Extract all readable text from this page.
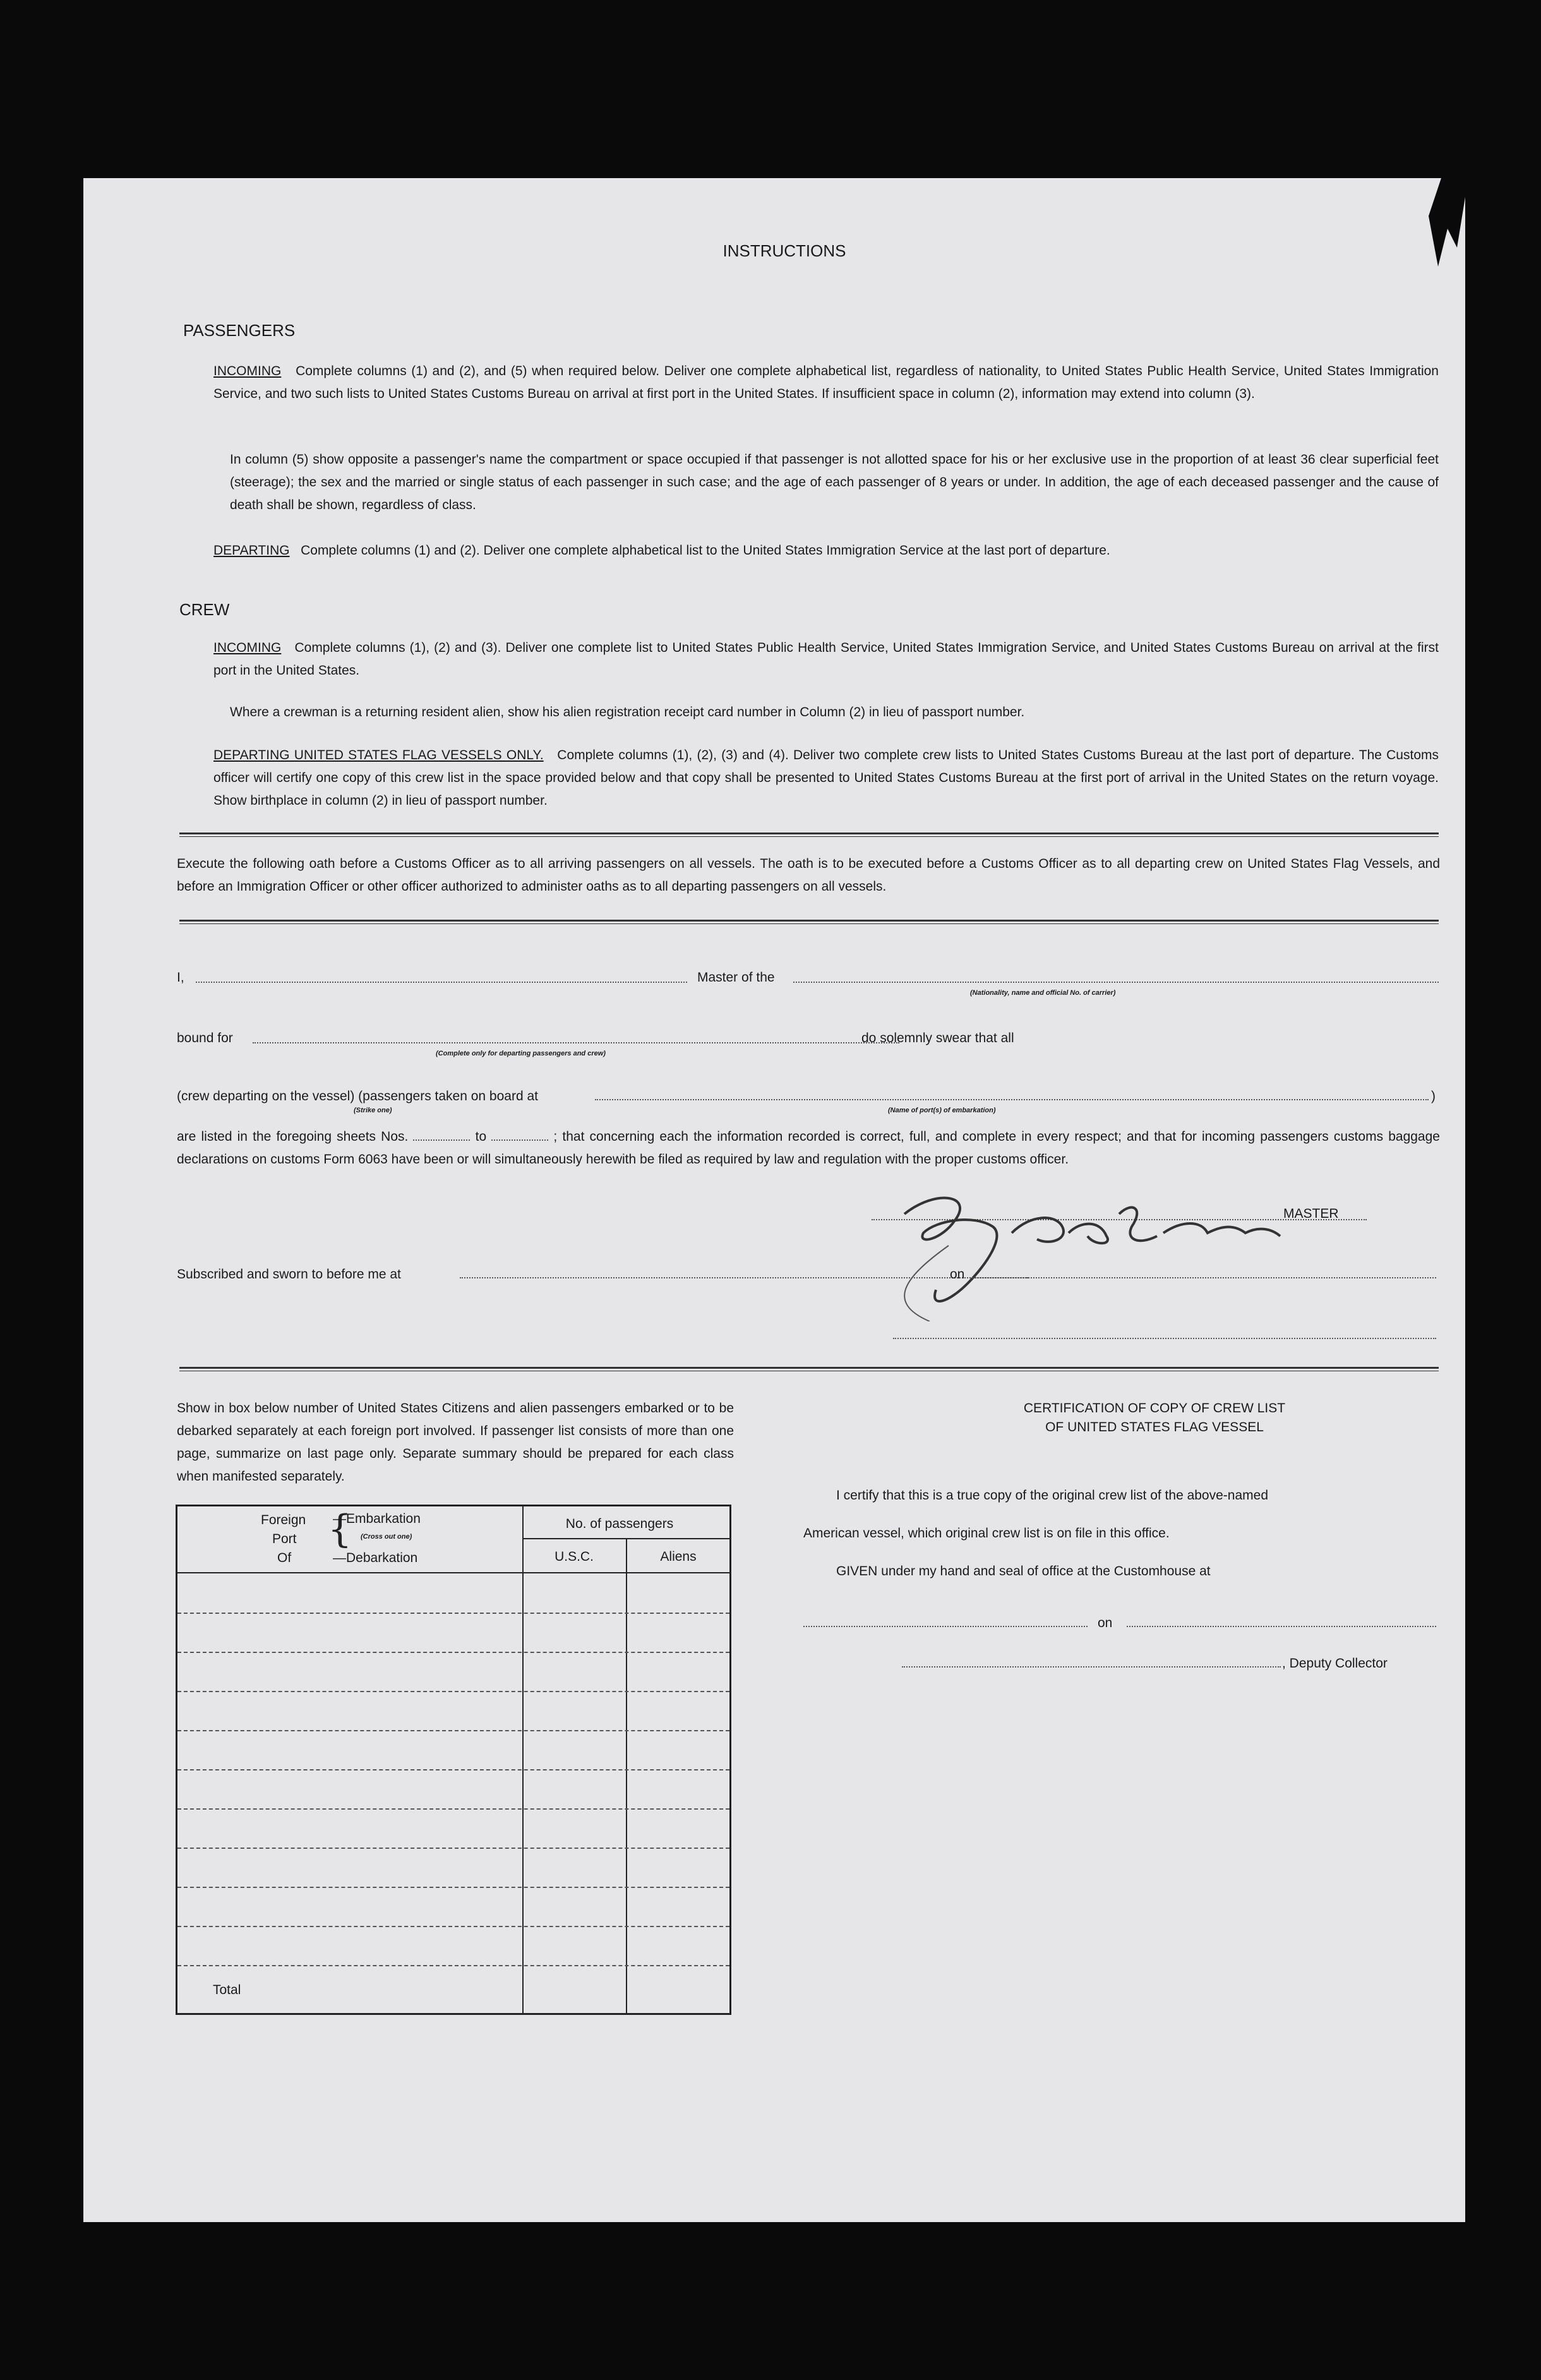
INSTRUCTIONS
PASSENGERS
INCOMING Complete columns (1) and (2), and (5) when required below. Deliver one complete alphabetical list, regardless of nationality, to United States Public Health Service, United States Immigration Service, and two such lists to United States Customs Bureau on arrival at first port in the United States. If insufficient space in column (2), information may extend into column (3).
In column (5) show opposite a passenger's name the compartment or space occupied if that passenger is not allotted space for his or her exclusive use in the proportion of at least 36 clear superficial feet (steerage); the sex and the married or single status of each passenger in such case; and the age of each passenger of 8 years or under. In addition, the age of each deceased passenger and the cause of death shall be shown, regardless of class.
DEPARTING Complete columns (1) and (2). Deliver one complete alphabetical list to the United States Immigration Service at the last port of departure.
CREW
INCOMING Complete columns (1), (2) and (3). Deliver one complete list to United States Public Health Service, United States Immigration Service, and United States Customs Bureau on arrival at the first port in the United States.
Where a crewman is a returning resident alien, show his alien registration receipt card number in Column (2) in lieu of passport number.
DEPARTING UNITED STATES FLAG VESSELS ONLY. Complete columns (1), (2), (3) and (4). Deliver two complete crew lists to United States Customs Bureau at the last port of departure. The Customs officer will certify one copy of this crew list in the space provided below and that copy shall be presented to United States Customs Bureau at the first port of arrival in the United States on the return voyage. Show birthplace in column (2) in lieu of passport number.
Execute the following oath before a Customs Officer as to all arriving passengers on all vessels. The oath is to be executed before a Customs Officer as to all departing crew on United States Flag Vessels, and before an Immigration Officer or other officer authorized to administer oaths as to all departing passengers on all vessels.
I,	Master of the
(Nationality, name and official No. of carrier)
bound for
(Complete only for departing passengers and crew)
do solemnly swear that all
(crew departing on the vessel) (passengers taken on board at	)
(Strike one)	(Name of port(s) of embarkation)
are listed in the foregoing sheets Nos.	to	; that concerning each the information recorded is correct, full, and complete in every respect; and that for incoming passengers customs baggage declarations on customs Form 6063 have been or will simultaneously herewith be filed as required by law and regulation with the proper customs officer.
MASTER
Subscribed and sworn to before me at	on
Show in box below number of United States Citizens and alien passengers embarked or to be debarked separately at each foreign port involved. If passenger list consists of more than one page, summarize on last page only. Separate summary should be prepared for each class when manifested separately.
Foreign
Port
Of
{
—Embarkation
(Cross out one)
—Debarkation
No. of passengers
U.S.C.	Aliens
Total
CERTIFICATION OF COPY OF CREW LIST
OF UNITED STATES FLAG VESSEL
I certify that this is a true copy of the original crew list of the above-named
American vessel, which original crew list is on file in this office.
GIVEN under my hand and seal of office at the Customhouse at
on
, Deputy Collector
